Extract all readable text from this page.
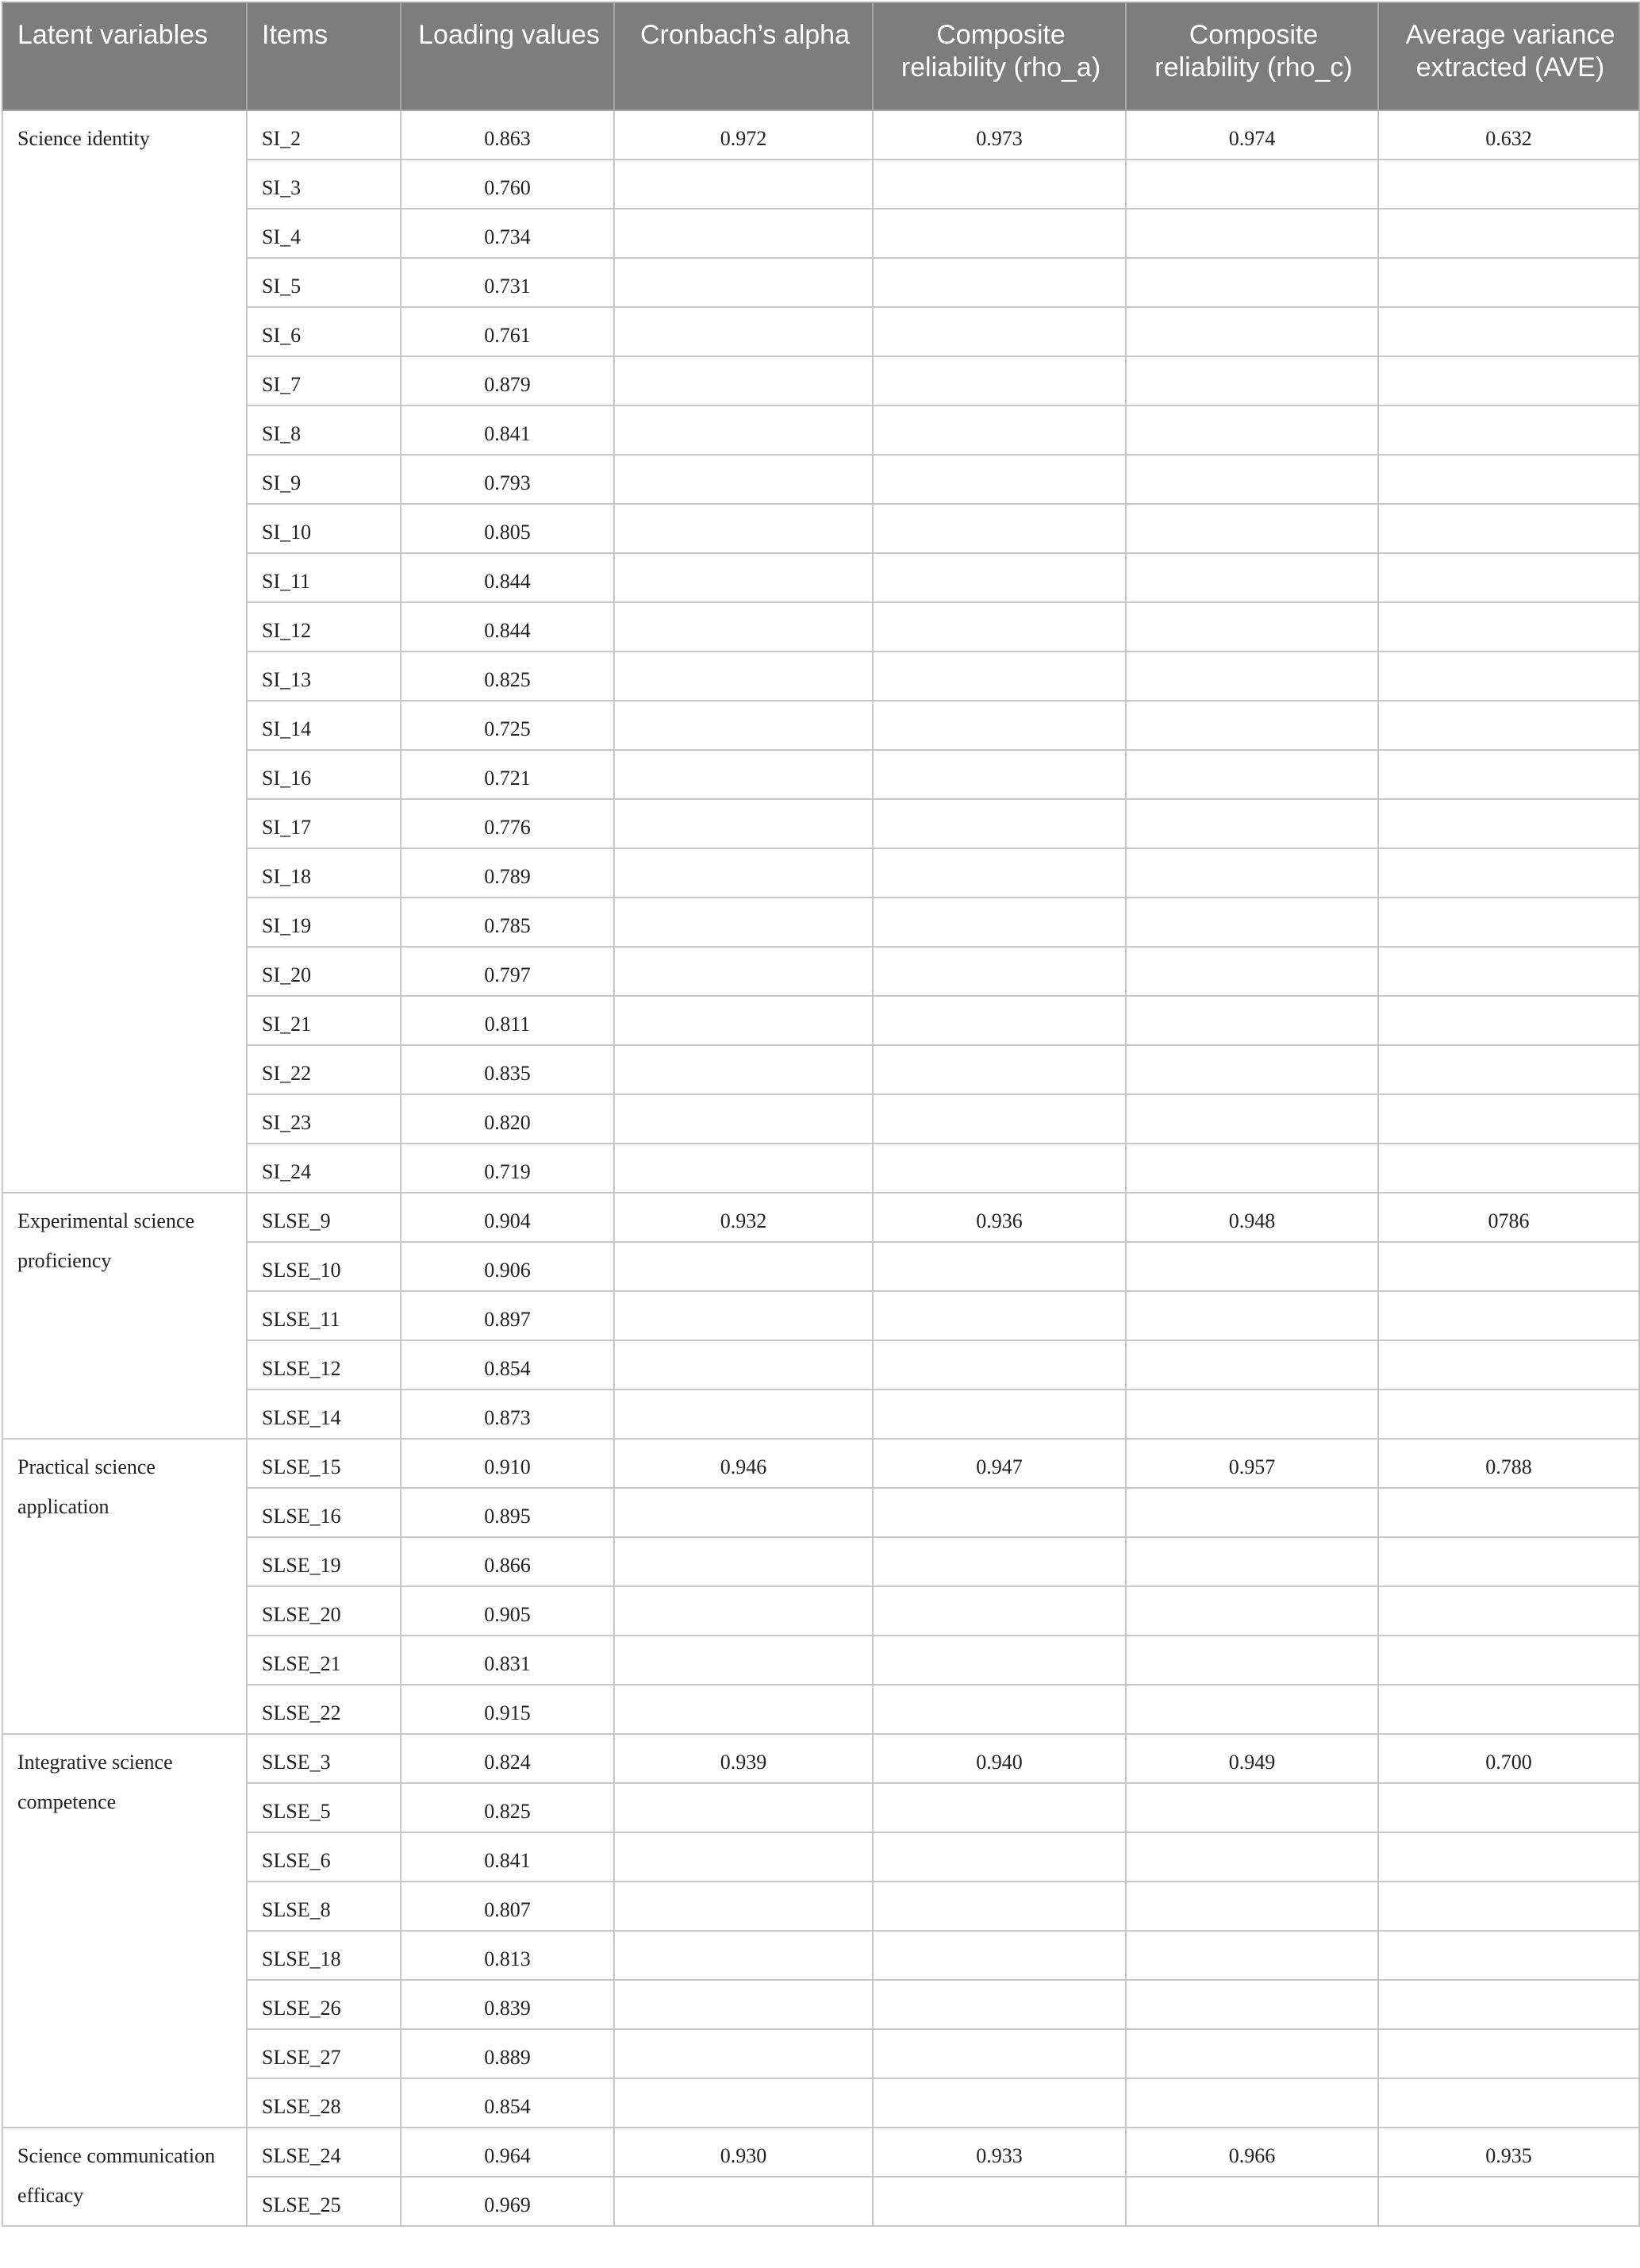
Latent variables	Items	Loading values	Cronbach’s alpha	Composite reliability (rho_a)	Composite reliability (rho_c)	Average variance extracted (AVE)
Science identity	SI_2	0.863	0.972	0.973	0.974	0.632
	SI_3	0.760				
	SI_4	0.734				
	SI_5	0.731				
	SI_6	0.761				
	SI_7	0.879				
	SI_8	0.841				
	SI_9	0.793				
	SI_10	0.805				
	SI_11	0.844				
	SI_12	0.844				
	SI_13	0.825				
	SI_14	0.725				
	SI_16	0.721				
	SI_17	0.776				
	SI_18	0.789				
	SI_19	0.785				
	SI_20	0.797				
	SI_21	0.811				
	SI_22	0.835				
	SI_23	0.820				
	SI_24	0.719				
Experimental science proficiency	SLSE_9	0.904	0.932	0.936	0.948	0786
	SLSE_10	0.906				
	SLSE_11	0.897				
	SLSE_12	0.854				
	SLSE_14	0.873				
Practical science application	SLSE_15	0.910	0.946	0.947	0.957	0.788
	SLSE_16	0.895				
	SLSE_19	0.866				
	SLSE_20	0.905				
	SLSE_21	0.831				
	SLSE_22	0.915				
Integrative science competence	SLSE_3	0.824	0.939	0.940	0.949	0.700
	SLSE_5	0.825				
	SLSE_6	0.841				
	SLSE_8	0.807				
	SLSE_18	0.813				
	SLSE_26	0.839				
	SLSE_27	0.889				
	SLSE_28	0.854				
Science communication efficacy	SLSE_24	0.964	0.930	0.933	0.966	0.935
	SLSE_25	0.969				
